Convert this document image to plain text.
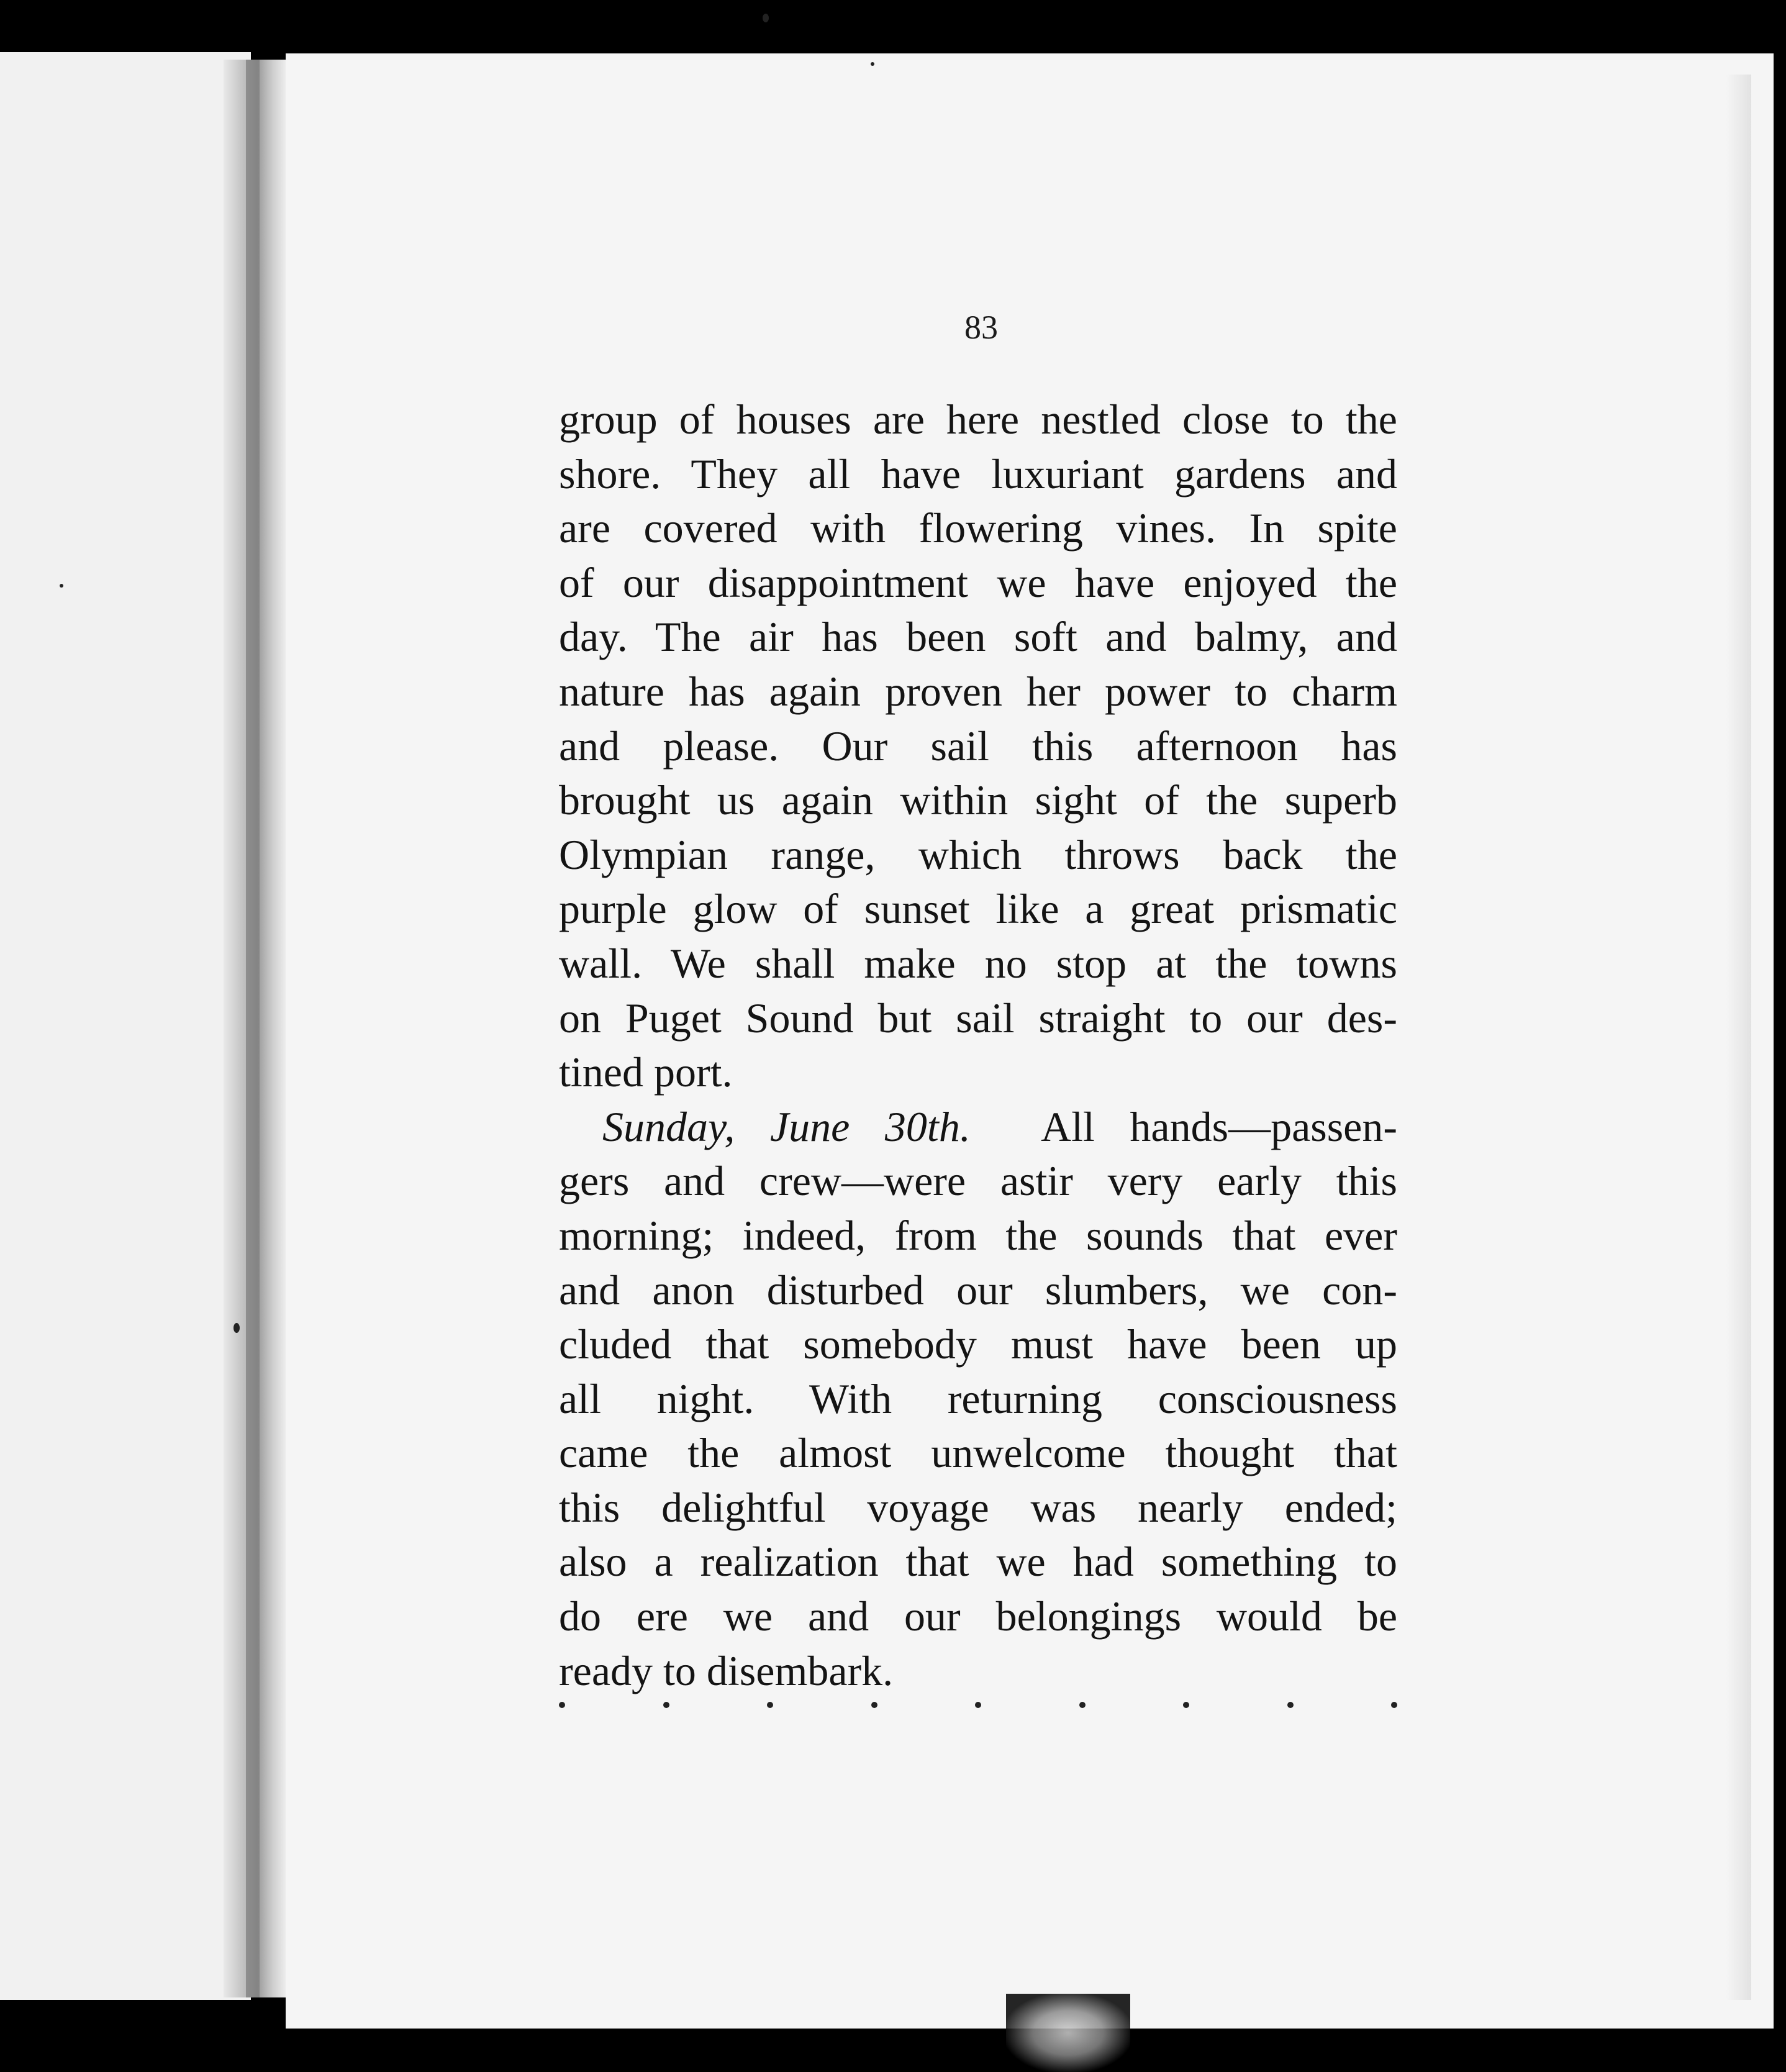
83
group of houses are here nestled close to the
shore. They all have luxuriant gardens and
are covered with flowering vines. In spite
of our disappointment we have enjoyed the
day. The air has been soft and balmy, and
nature has again proven her power to charm
and please. Our sail this afternoon has
brought us again within sight of the superb
Olympian range, which throws back the
purple glow of sunset like a great prismatic
wall. We shall make no stop at the towns
on Puget Sound but sail straight to our des-
tined port.
Sunday, June 30th. All hands—passen-
gers and crew—were astir very early this
morning; indeed, from the sounds that ever
and anon disturbed our slumbers, we con-
cluded that somebody must have been up
all night. With returning consciousness
came the almost unwelcome thought that
this delightful voyage was nearly ended;
also a realization that we had something to
do ere we and our belongings would be
ready to disembark.
